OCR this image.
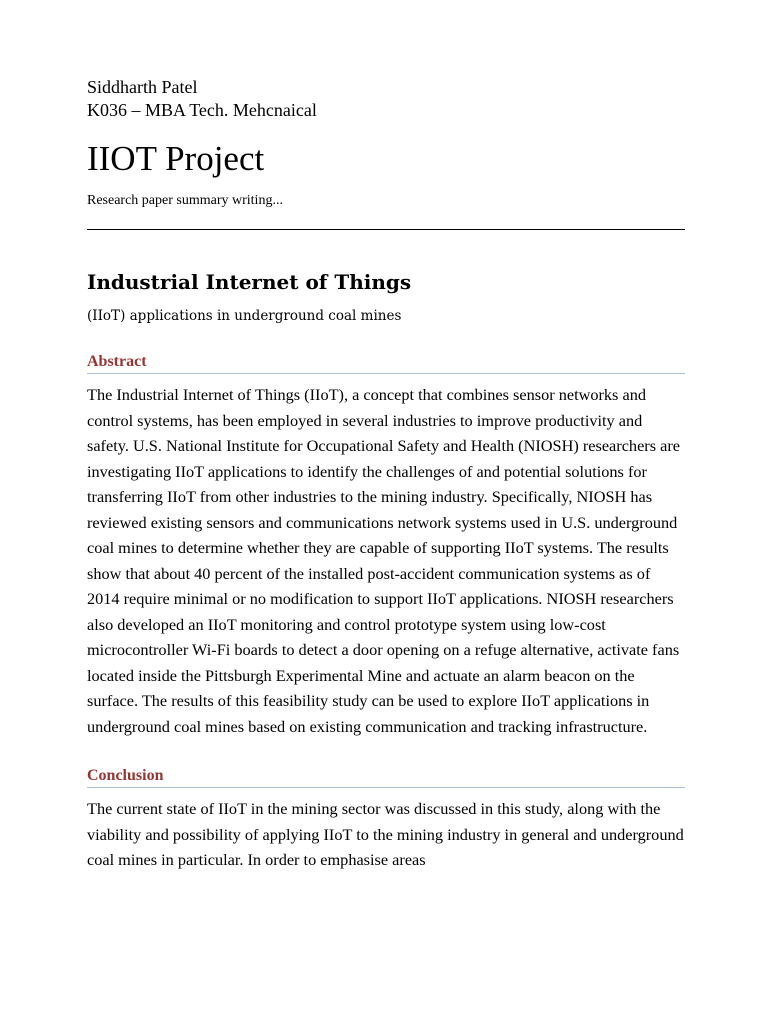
Siddharth Patel

K036 – MBA Tech. Mehcnaical

IIOT Project

Research paper summary writing...

Industrial Internet of Things

(IIoT) applications in underground coal mines

Abstract

The Industrial Internet of Things (IIoT), a concept that combines sensor networks and control systems, has been employed in several industries to improve productivity and safety. U.S. National Institute for Occupational Safety and Health (NIOSH) researchers are investigating IIoT applications to identify the challenges of and potential solutions for transferring IIoT from other industries to the mining industry. Specifically, NIOSH has reviewed existing sensors and communications network systems used in U.S. underground coal mines to determine whether they are capable of supporting IIoT systems. The results show that about 40 percent of the installed post-accident communication systems as of 2014 require minimal or no modification to support IIoT applications. NIOSH researchers also developed an IIoT monitoring and control prototype system using low-cost microcontroller Wi-Fi boards to detect a door opening on a refuge alternative, activate fans located inside the Pittsburgh Experimental Mine and actuate an alarm beacon on the surface. The results of this feasibility study can be used to explore IIoT applications in underground coal mines based on existing communication and tracking infrastructure.

Conclusion

The current state of IIoT in the mining sector was discussed in this study, along with the viability and possibility of applying IIoT to the mining industry in general and underground coal mines in particular. In order to emphasise areas
